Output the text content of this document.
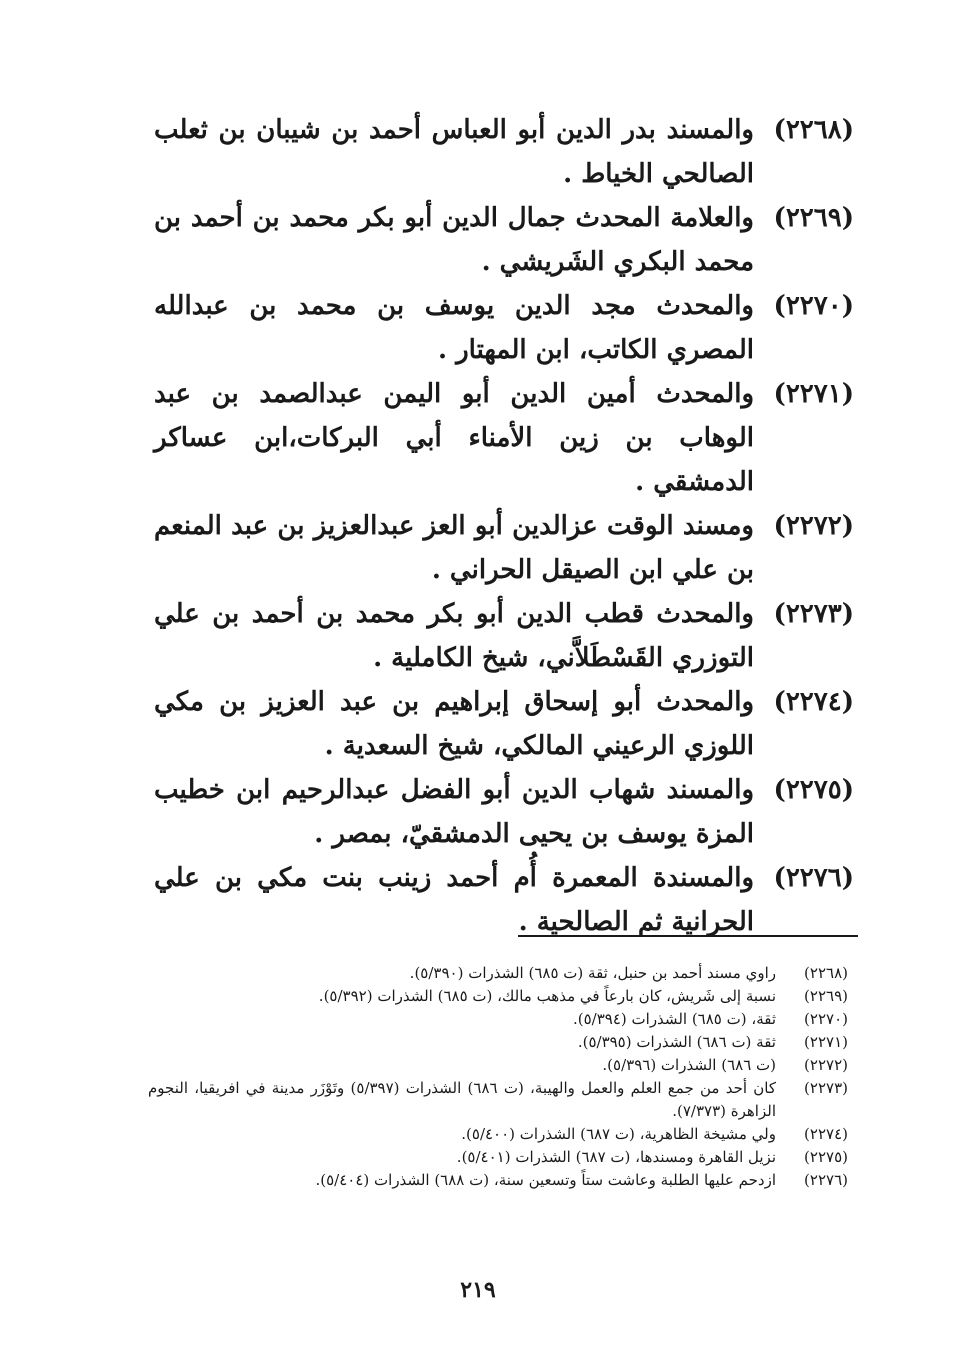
(٢٢٦٨)
والمسند بدر الدين أبو العباس أحمد بن شيبان بن ثعلب الصالحي الخياط .
(٢٢٦٩)
والعلامة المحدث جمال الدين أبو بكر محمد بن أحمد بن محمد البكري الشَريشي .
(٢٢٧٠)
والمحدث مجد الدين يوسف بن محمد بن عبدالله المصري الكاتب، ابن المهتار .
(٢٢٧١)
والمحدث أمين الدين أبو اليمن عبدالصمد بن عبد الوهاب بن زين الأمناء أبي البركات،ابن عساكر الدمشقي .
(٢٢٧٢)
ومسند الوقت عزالدين أبو العز عبدالعزيز بن عبد المنعم بن علي ابن الصيقل الحراني .
(٢٢٧٣)
والمحدث قطب الدين أبو بكر محمد بن أحمد بن علي التوزري القَسْطَلاَّني، شيخ الكاملية .
(٢٢٧٤)
والمحدث أبو إسحاق إبراهيم بن عبد العزيز بن مكي اللوزي الرعيني المالكي، شيخ السعدية .
(٢٢٧٥)
والمسند شهاب الدين أبو الفضل عبدالرحيم ابن خطيب المزة يوسف بن يحيى الدمشقيّ، بمصر .
(٢٢٧٦)
والمسندة المعمرة أُم أحمد زينب بنت مكي بن علي الحرانية ثم الصالحية .
(٢٢٦٨)
راوي مسند أحمد بن حنبل، ثقة (ت ٦٨٥) الشذرات (٥/٣٩٠).
(٢٢٦٩)
نسبة إلى شَريش، كان بارعاً في مذهب مالك، (ت ٦٨٥) الشذرات (٥/٣٩٢).
(٢٢٧٠)
ثقة، (ت ٦٨٥) الشذرات (٥/٣٩٤).
(٢٢٧١)
ثقة (ت ٦٨٦) الشذرات (٥/٣٩٥).
(٢٢٧٢)
(ت ٦٨٦) الشذرات (٥/٣٩٦).
(٢٢٧٣)
كان أحد من جمع العلم والعمل والهيبة، (ت ٦٨٦) الشذرات (٥/٣٩٧) وتَوْزَر مدينة في افريقيا، النجوم الزاهرة (٧/٣٧٣).
(٢٢٧٤)
ولي مشيخة الظاهرية، (ت ٦٨٧) الشذرات (٥/٤٠٠).
(٢٢٧٥)
نزيل القاهرة ومسندها، (ت ٦٨٧) الشذرات (٥/٤٠١).
(٢٢٧٦)
ازدحم عليها الطلبة وعاشت ستاً وتسعين سنة، (ت ٦٨٨) الشذرات (٥/٤٠٤).
٢١٩
